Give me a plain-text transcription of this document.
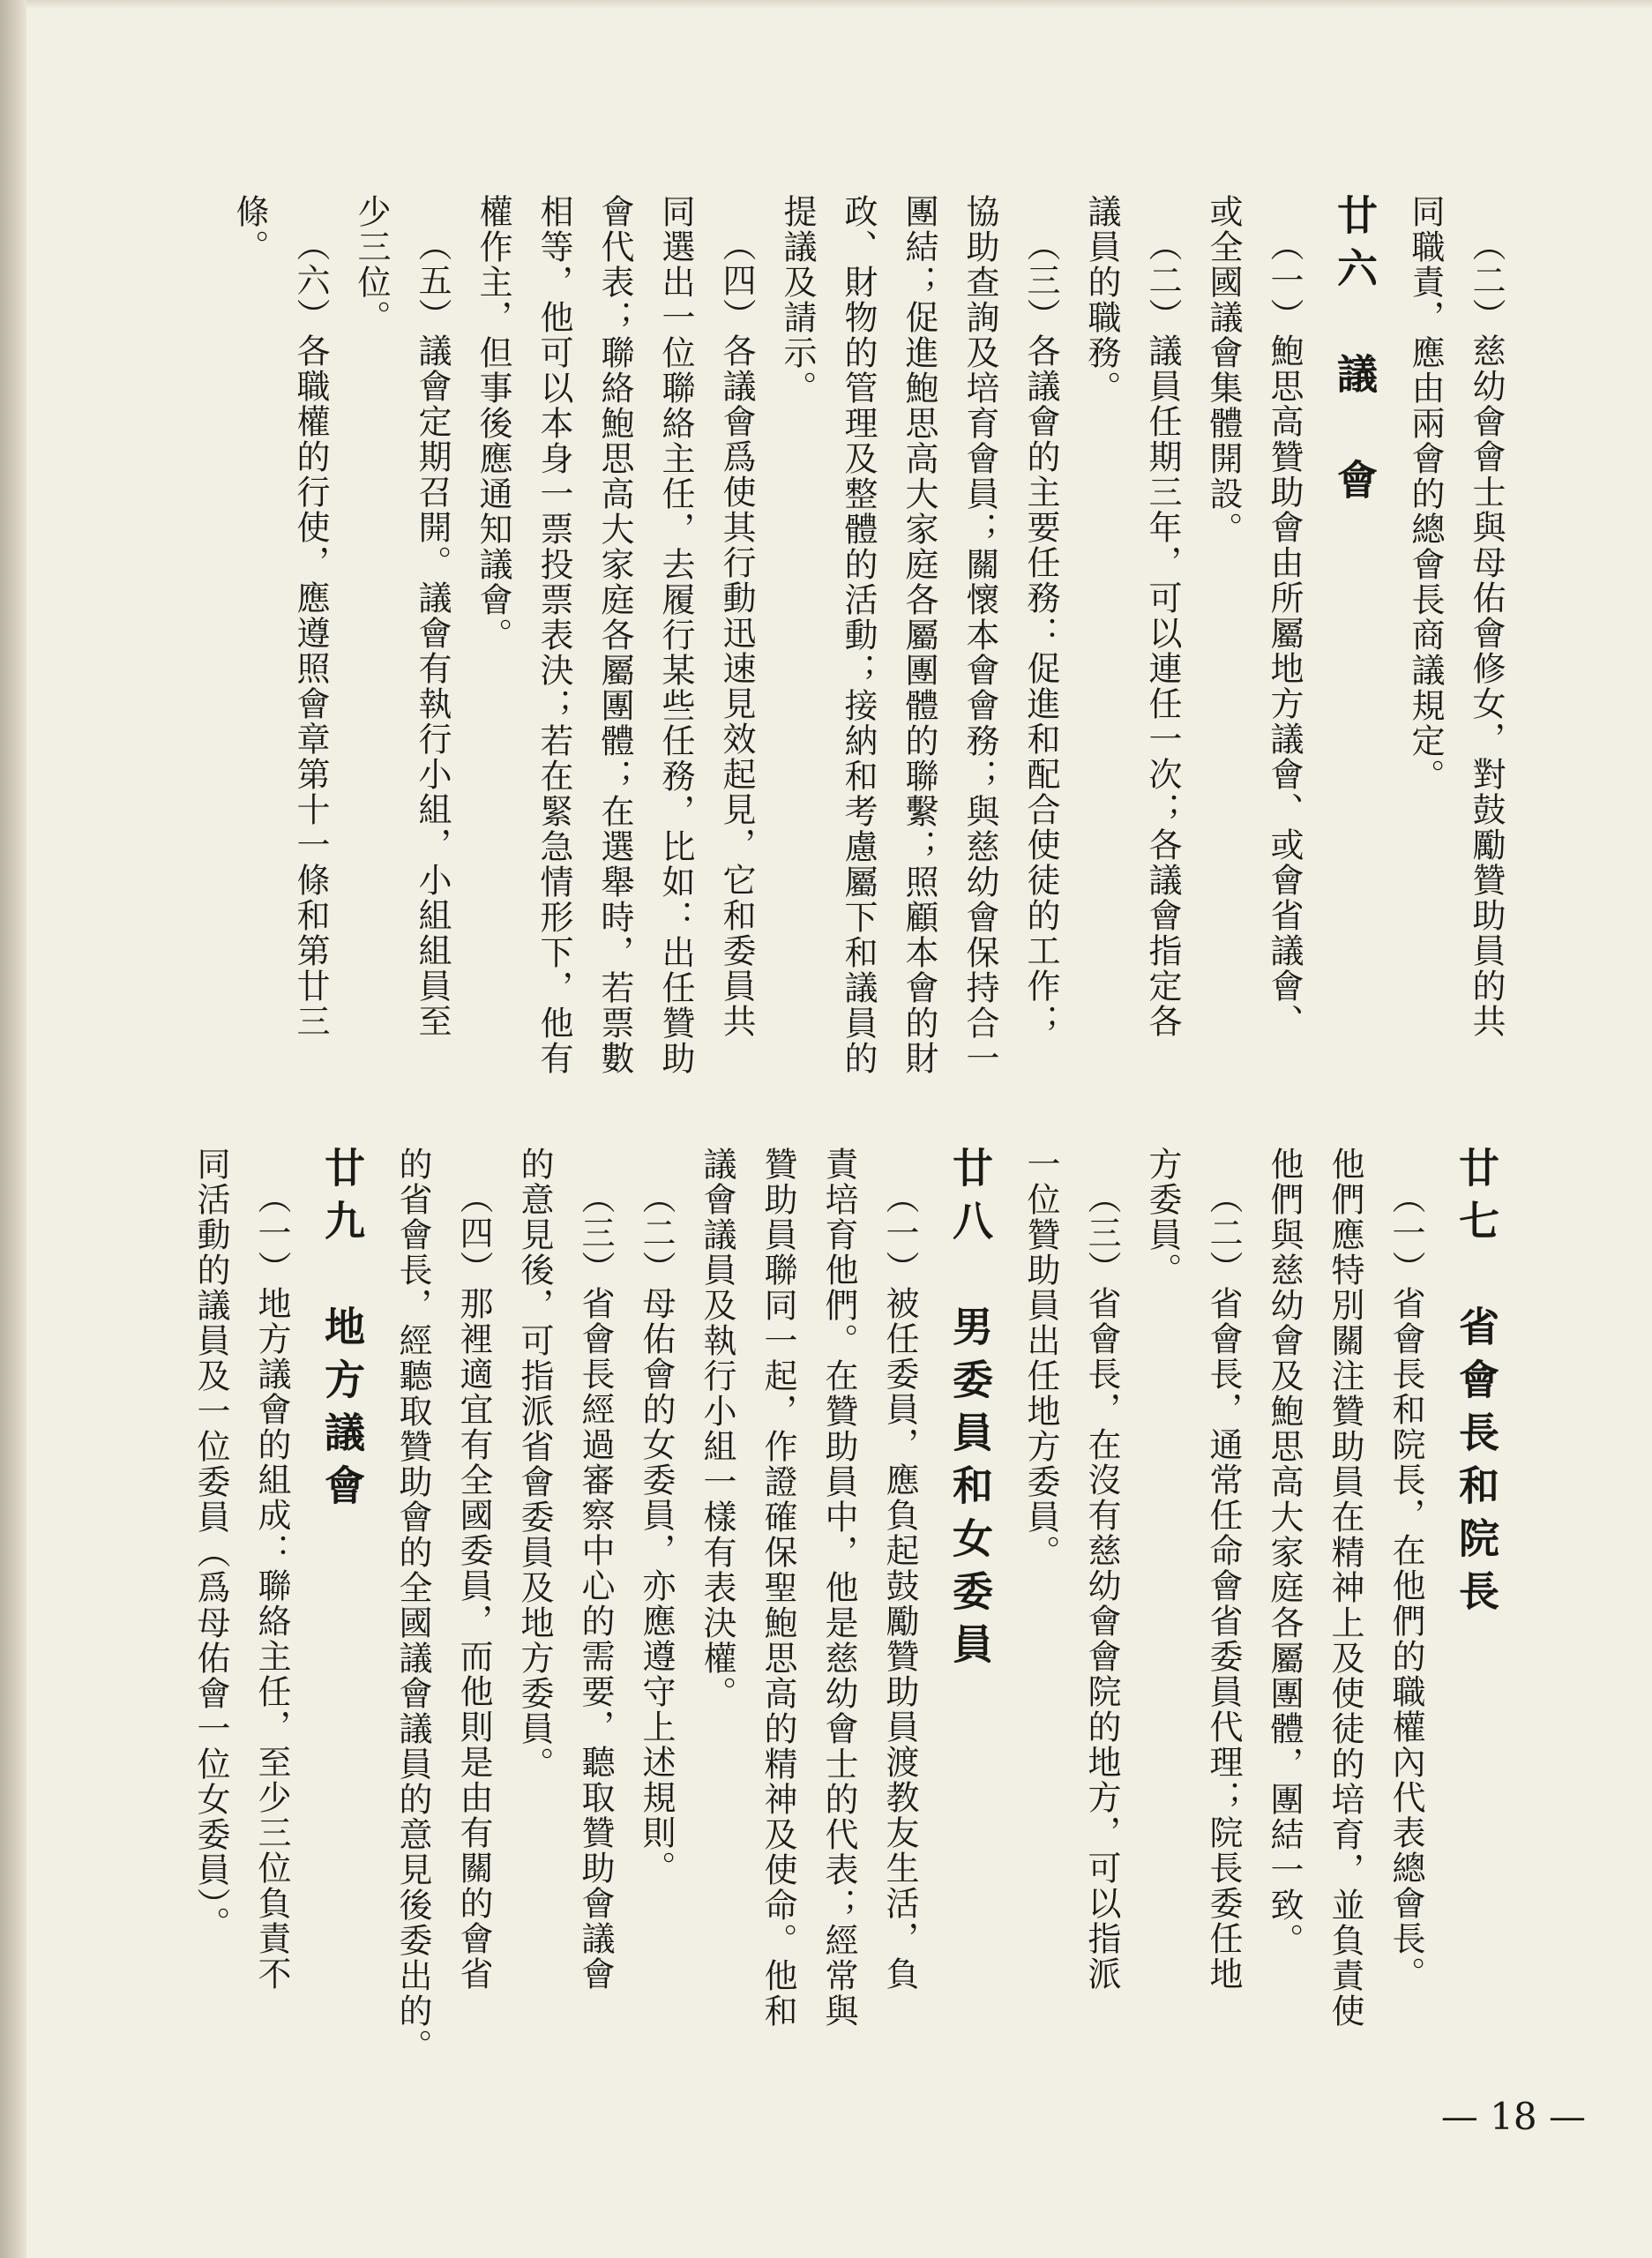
（二）慈幼會會士與母佑會修女，對鼓勵贊助員的共
同職責，應由兩會的總會長商議規定。
廿六　議　會
（一）鮑思高贊助會由所屬地方議會、或會省議會、
或全國議會集體開設。
（二）議員任期三年，可以連任一次；各議會指定各
議員的職務。
（三）各議會的主要任務：促進和配合使徒的工作；
協助查詢及培育會員；關懷本會會務；與慈幼會保持合一
團結；促進鮑思高大家庭各屬團體的聯繫；照顧本會的財
政、財物的管理及整體的活動；接納和考慮屬下和議員的
提議及請示。
（四）各議會爲使其行動迅速見效起見，它和委員共
同選出一位聯絡主任，去履行某些任務，比如：出任贊助
會代表；聯絡鮑思高大家庭各屬團體；在選舉時，若票數
相等，他可以本身一票投票表決；若在緊急情形下，他有
權作主，但事後應通知議會。
（五）議會定期召開。議會有執行小組，小組組員至
少三位。
（六）各職權的行使，應遵照會章第十一條和第廿三
條。
廿七　省會長和院長
（一）省會長和院長，在他們的職權內代表總會長。
他們應特別關注贊助員在精神上及使徒的培育，並負責使
他們與慈幼會及鮑思高大家庭各屬團體，團結一致。
（二）省會長，通常任命會省委員代理；院長委任地
方委員。
（三）省會長，在沒有慈幼會會院的地方，可以指派
一位贊助員出任地方委員。
廿八　男委員和女委員
（一）被任委員，應負起鼓勵贊助員渡教友生活，負
責培育他們。在贊助員中，他是慈幼會士的代表；經常與
贊助員聯同一起，作證確保聖鮑思高的精神及使命。他和
議會議員及執行小組一樣有表決權。
（二）母佑會的女委員，亦應遵守上述規則。
（三）省會長經過審察中心的需要，聽取贊助會議會
的意見後，可指派省會委員及地方委員。
（四）那裡適宜有全國委員，而他則是由有關的會省
的省會長，經聽取贊助會的全國議會議員的意見後委出的。
廿九　地方議會
（一）地方議會的組成：聯絡主任，至少三位負責不
同活動的議員及一位委員（爲母佑會一位女委員）。
— 18 —
